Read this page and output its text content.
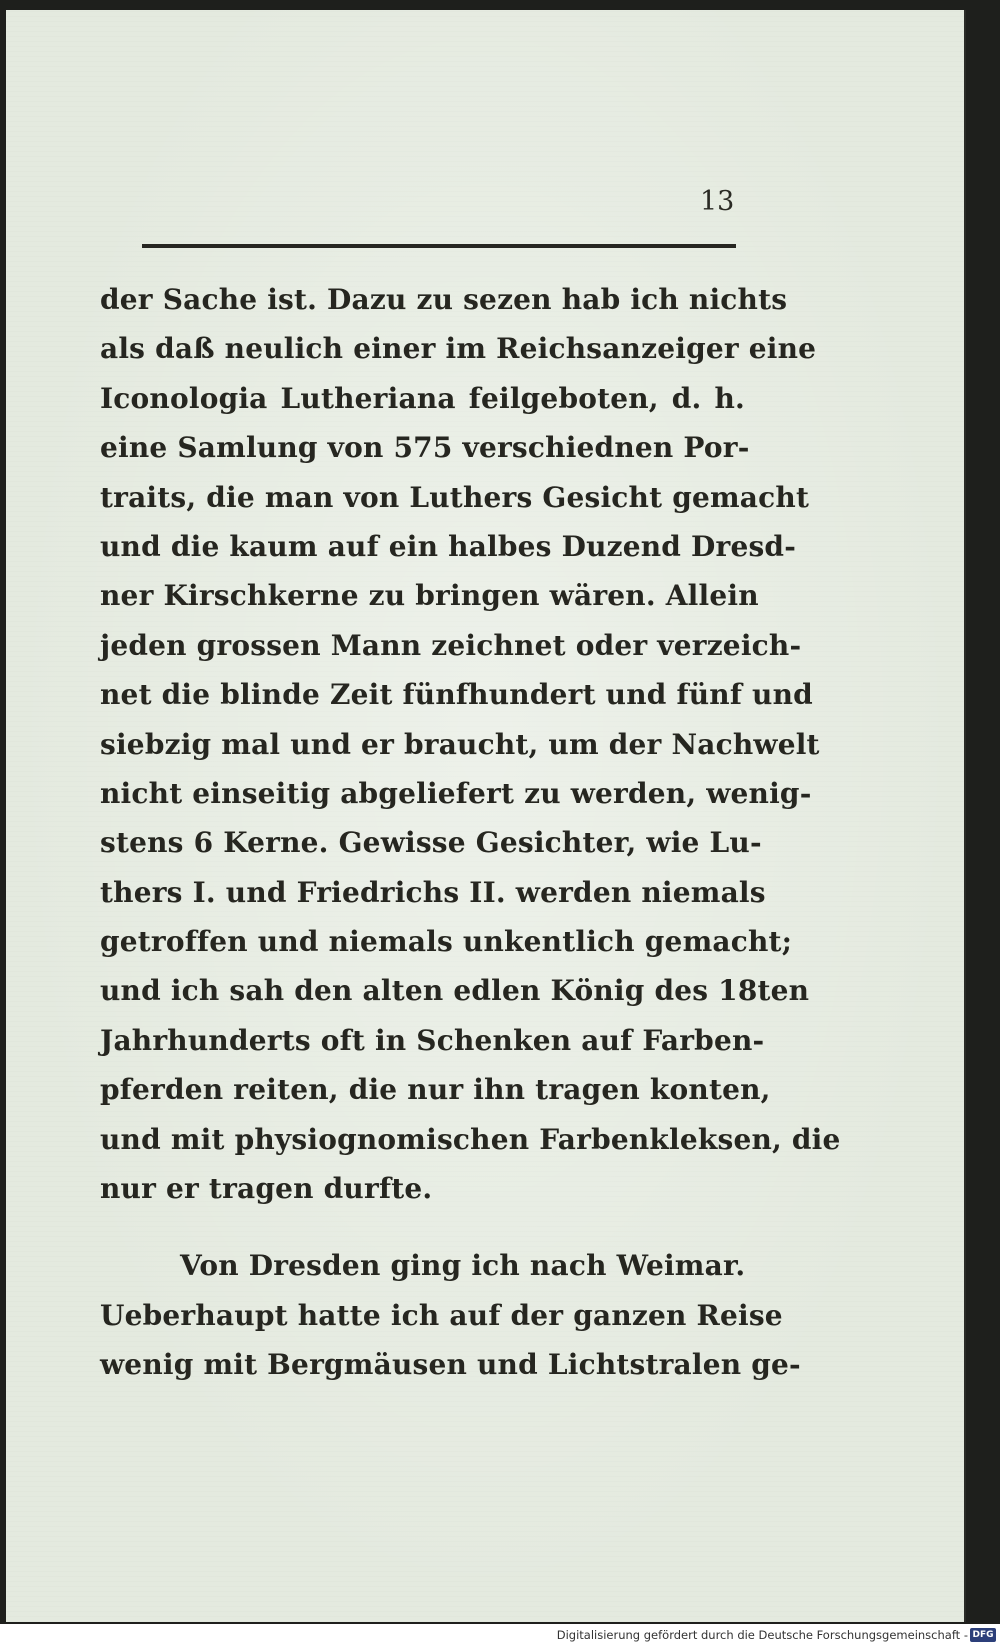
13
der Sache ist. Dazu zu sezen hab ich nichts
als daß neulich einer im Reichsanzeiger eine
Iconologia Lutheriana feilgeboten, d. h.
eine Samlung von 575 verschiednen Por-
traits, die man von Luthers Gesicht gemacht
und die kaum auf ein halbes Duzend Dresd-
ner Kirschkerne zu bringen wären. Allein
jeden grossen Mann zeichnet oder verzeich-
net die blinde Zeit fünfhundert und fünf und
siebzig mal und er braucht, um der Nachwelt
nicht einseitig abgeliefert zu werden, wenig-
stens 6 Kerne. Gewisse Gesichter, wie Lu-
thers I. und Friedrichs II. werden niemals
getroffen und niemals unkentlich gemacht;
und ich sah den alten edlen König des 18ten
Jahrhunderts oft in Schenken auf Farben-
pferden reiten, die nur ihn tragen konten,
und mit physiognomischen Farbenkleksen, die
nur er tragen durfte.
Von Dresden ging ich nach Weimar.
Ueberhaupt hatte ich auf der ganzen Reise
wenig mit Bergmäusen und Lichtstralen ge-
Digitalisierung gefördert durch die Deutsche Forschungsgemeinschaft - DFG
